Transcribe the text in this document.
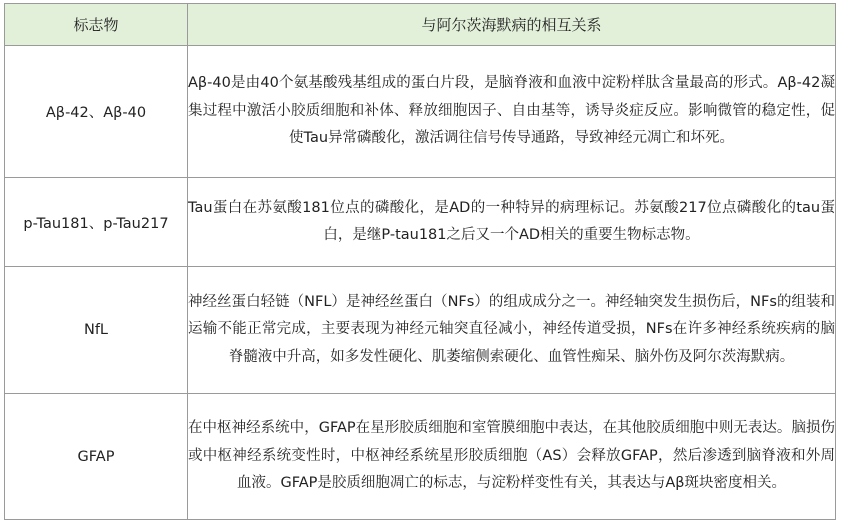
标志物	与阿尔茨海默病的相互关系
Aβ-42、Aβ-40	Aβ-40是由40个氨基酸残基组成的蛋白片段，是脑脊液和血液中淀粉样肽含量最高的形式。Aβ-42凝集过程中激活小胶质细胞和补体、释放细胞因子、自由基等，诱导炎症反应。影响微管的稳定性，促使Tau异常磷酸化，激活调往信号传导通路，导致神经元凋亡和坏死。
p-Tau181、p-Tau217	Tau蛋白在苏氨酸181位点的磷酸化，是AD的一种特异的病理标记。苏氨酸217位点磷酸化的tau蛋白，是继P-tau181之后又一个AD相关的重要生物标志物。
NfL	神经丝蛋白轻链（NFL）是神经丝蛋白（NFs）的组成成分之一。神经轴突发生损伤后，NFs的组装和运输不能正常完成，主要表现为神经元轴突直径减小，神经传道受损，NFs在许多神经系统疾病的脑脊髓液中升高，如多发性硬化、肌萎缩侧索硬化、血管性痴呆、脑外伤及阿尔茨海默病。
GFAP	在中枢神经系统中，GFAP在星形胶质细胞和室管膜细胞中表达，在其他胶质细胞中则无表达。脑损伤或中枢神经系统变性时，中枢神经系统星形胶质细胞（AS）会释放GFAP，然后渗透到脑脊液和外周血液。GFAP是胶质细胞凋亡的标志，与淀粉样变性有关，其表达与Aβ斑块密度相关。
